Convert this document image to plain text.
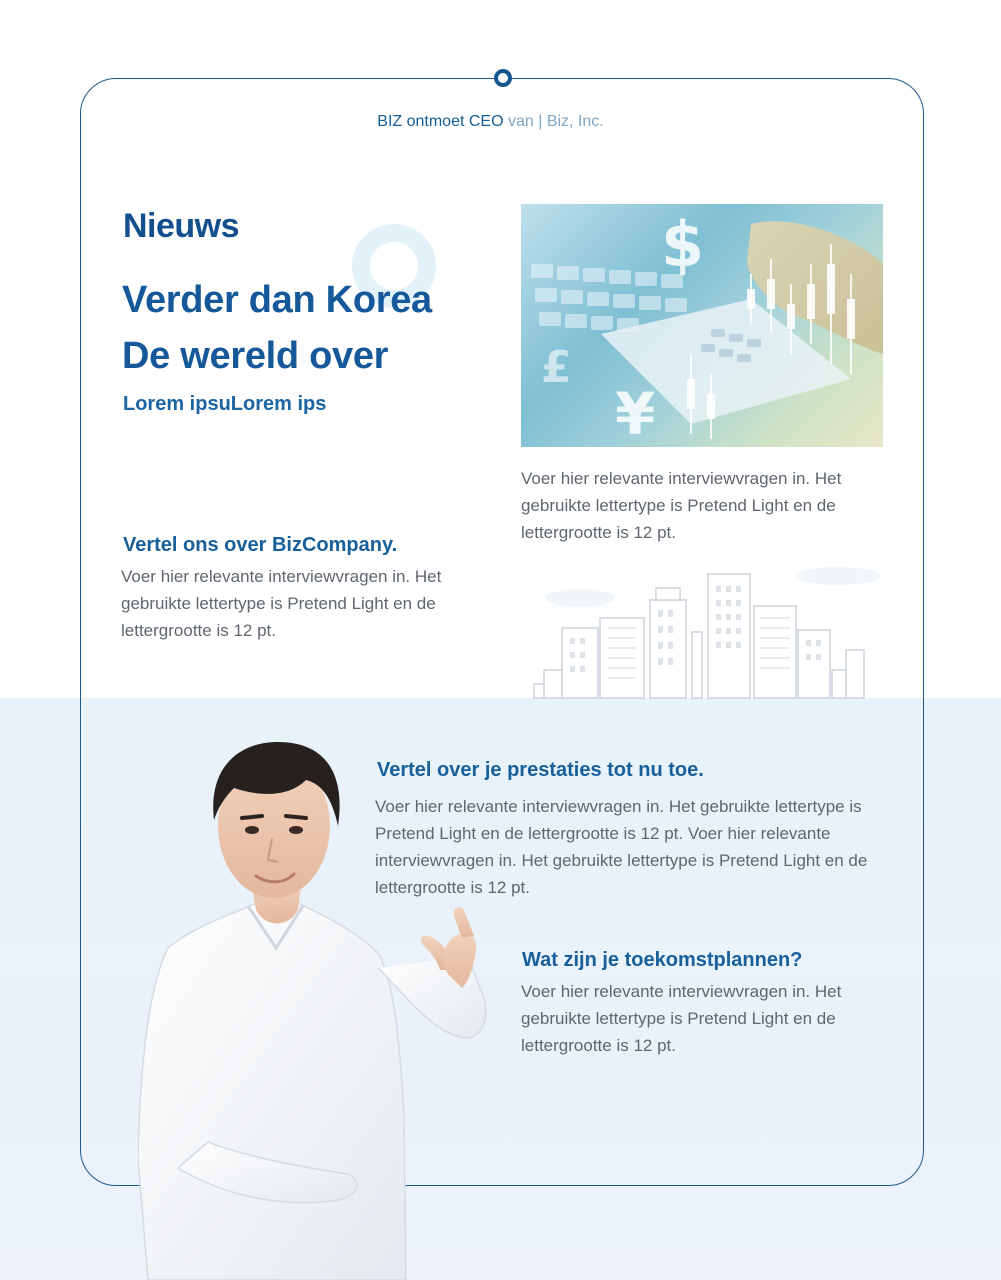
BIZ ontmoet CEO van | Biz, Inc.
Nieuws
Verder dan Korea
De wereld over
Lorem ipsuLorem ips
$
¥
£
Voer hier relevante interviewvragen in. Het gebruikte lettertype is Pretend Light en de lettergrootte is 12 pt.
Vertel ons over BizCompany.
Voer hier relevante interviewvragen in. Het gebruikte lettertype is Pretend Light en de lettergrootte is 12 pt.
Vertel over je prestaties tot nu toe.
Voer hier relevante interviewvragen in. Het gebruikte lettertype is Pretend Light en de lettergrootte is 12 pt. Voer hier relevante interviewvragen in. Het gebruikte lettertype is Pretend Light en de lettergrootte is 12 pt.
Wat zijn je toekomstplannen?
Voer hier relevante interviewvragen in. Het gebruikte lettertype is Pretend Light en de lettergrootte is 12 pt.
